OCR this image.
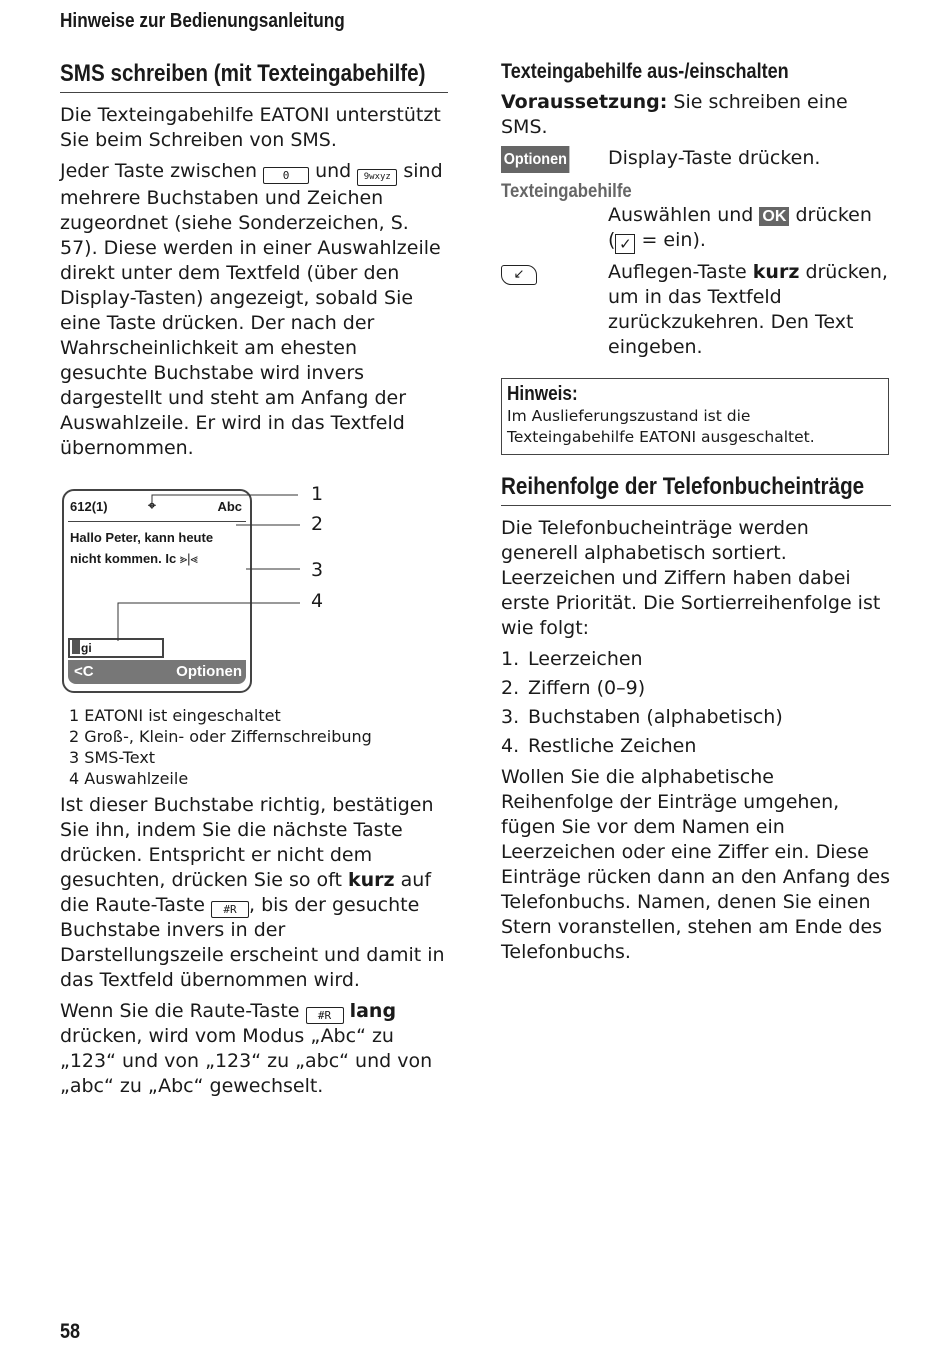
Hinweise zur Bedienungsanleitung
SMS schreiben (mit Texteingabehilfe)

Die Texteingabehilfe EATONI unterstützt Sie beim Schreiben von SMS.

Jeder Taste zwischen 0 und 9wxyz sind mehrere Buchstaben und Zeichen zugeordnet (siehe Sonderzeichen, S. 57). Diese werden in einer Auswahlzeile direkt unter dem Textfeld (über den Display-Tasten) angezeigt, sobald Sie eine Taste drücken. Der nach der Wahrscheinlichkeit am ehesten gesuchte Buchstabe wird invers dargestellt und steht am Anfang der Auswahlzeile. Er wird in das Textfeld übernommen.

612(1)	⌖	Abc
Hallo Peter, kann heute
nicht kommen. Ic ⪢|⪡
gi
<C	Optionen
1
2
3
4
1 EATONI ist eingeschaltet
2 Groß-, Klein- oder Ziffernschreibung
3 SMS-Text
4 Auswahlzeile

Ist dieser Buchstabe richtig, bestätigen Sie ihn, indem Sie die nächste Taste drücken. Entspricht er nicht dem gesuchten, drücken Sie so oft kurz auf die Raute-Taste #R , bis der gesuchte Buchstabe invers in der Darstellungszeile erscheint und damit in das Textfeld übernommen wird.

Wenn Sie die Raute-Taste #R lang drücken, wird vom Modus „Abc“ zu „123“ und von „123“ zu „abc“ und von „abc“ zu „Abc“ gewechselt.

Texteingabehilfe aus-/einschalten

Voraussetzung: Sie schreiben eine SMS.

Optionen	Display-Taste drücken.
Texteingabehilfe
Auswählen und OK drücken
( ✓ = ein).
↙	Auflegen-Taste kurz drücken, um in das Textfeld zurückzukehren. Den Text eingeben.
Hinweis:
Im Auslieferungszustand ist die Texteingabehilfe EATONI ausgeschaltet.
Reihenfolge der Telefonbucheinträge

Die Telefonbucheinträge werden generell alphabetisch sortiert. Leerzeichen und Ziffern haben dabei erste Priorität. Die Sortierreihenfolge ist wie folgt:

1. Leerzeichen
2. Ziffern (0–9)
3. Buchstaben (alphabetisch)
4. Restliche Zeichen

Wollen Sie die alphabetische Reihenfolge der Einträge umgehen, fügen Sie vor dem Namen ein Leerzeichen oder eine Ziffer ein. Diese Einträge rücken dann an den Anfang des Telefonbuchs. Namen, denen Sie einen Stern voranstellen, stehen am Ende des Telefonbuchs.

58
